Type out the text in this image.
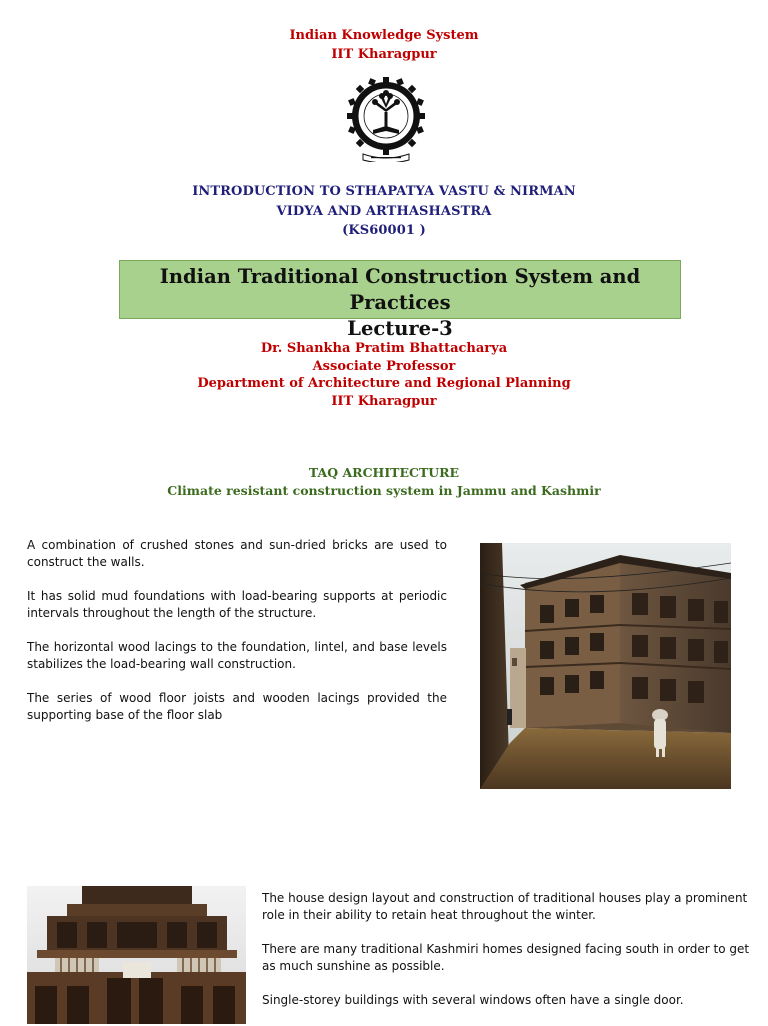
Indian Knowledge System
IIT Kharagpur
INTRODUCTION TO STHAPATYA VASTU & NIRMAN
VIDYA AND ARTHASHASTRA
(KS60001 )
Indian Traditional Construction System and Practices
Lecture-3
Dr. Shankha Pratim Bhattacharya
Associate Professor
Department of Architecture and Regional Planning
IIT Kharagpur
TAQ ARCHITECTURE
Climate resistant construction system in Jammu and Kashmir

A combination of crushed stones and sun-dried bricks are used to construct the walls.

It has solid mud foundations with load-bearing supports at periodic intervals throughout the length of the structure.

The horizontal wood lacings to the foundation, lintel, and base levels stabilizes the load-bearing wall construction.

The series of wood floor joists and wooden lacings provided the supporting base of the floor slab

The house design layout and construction of traditional houses play a prominent role in their ability to retain heat throughout the winter.

There are many traditional Kashmiri homes designed facing south in order to get as much sunshine as possible.

Single-storey buildings with several windows often have a single door.
